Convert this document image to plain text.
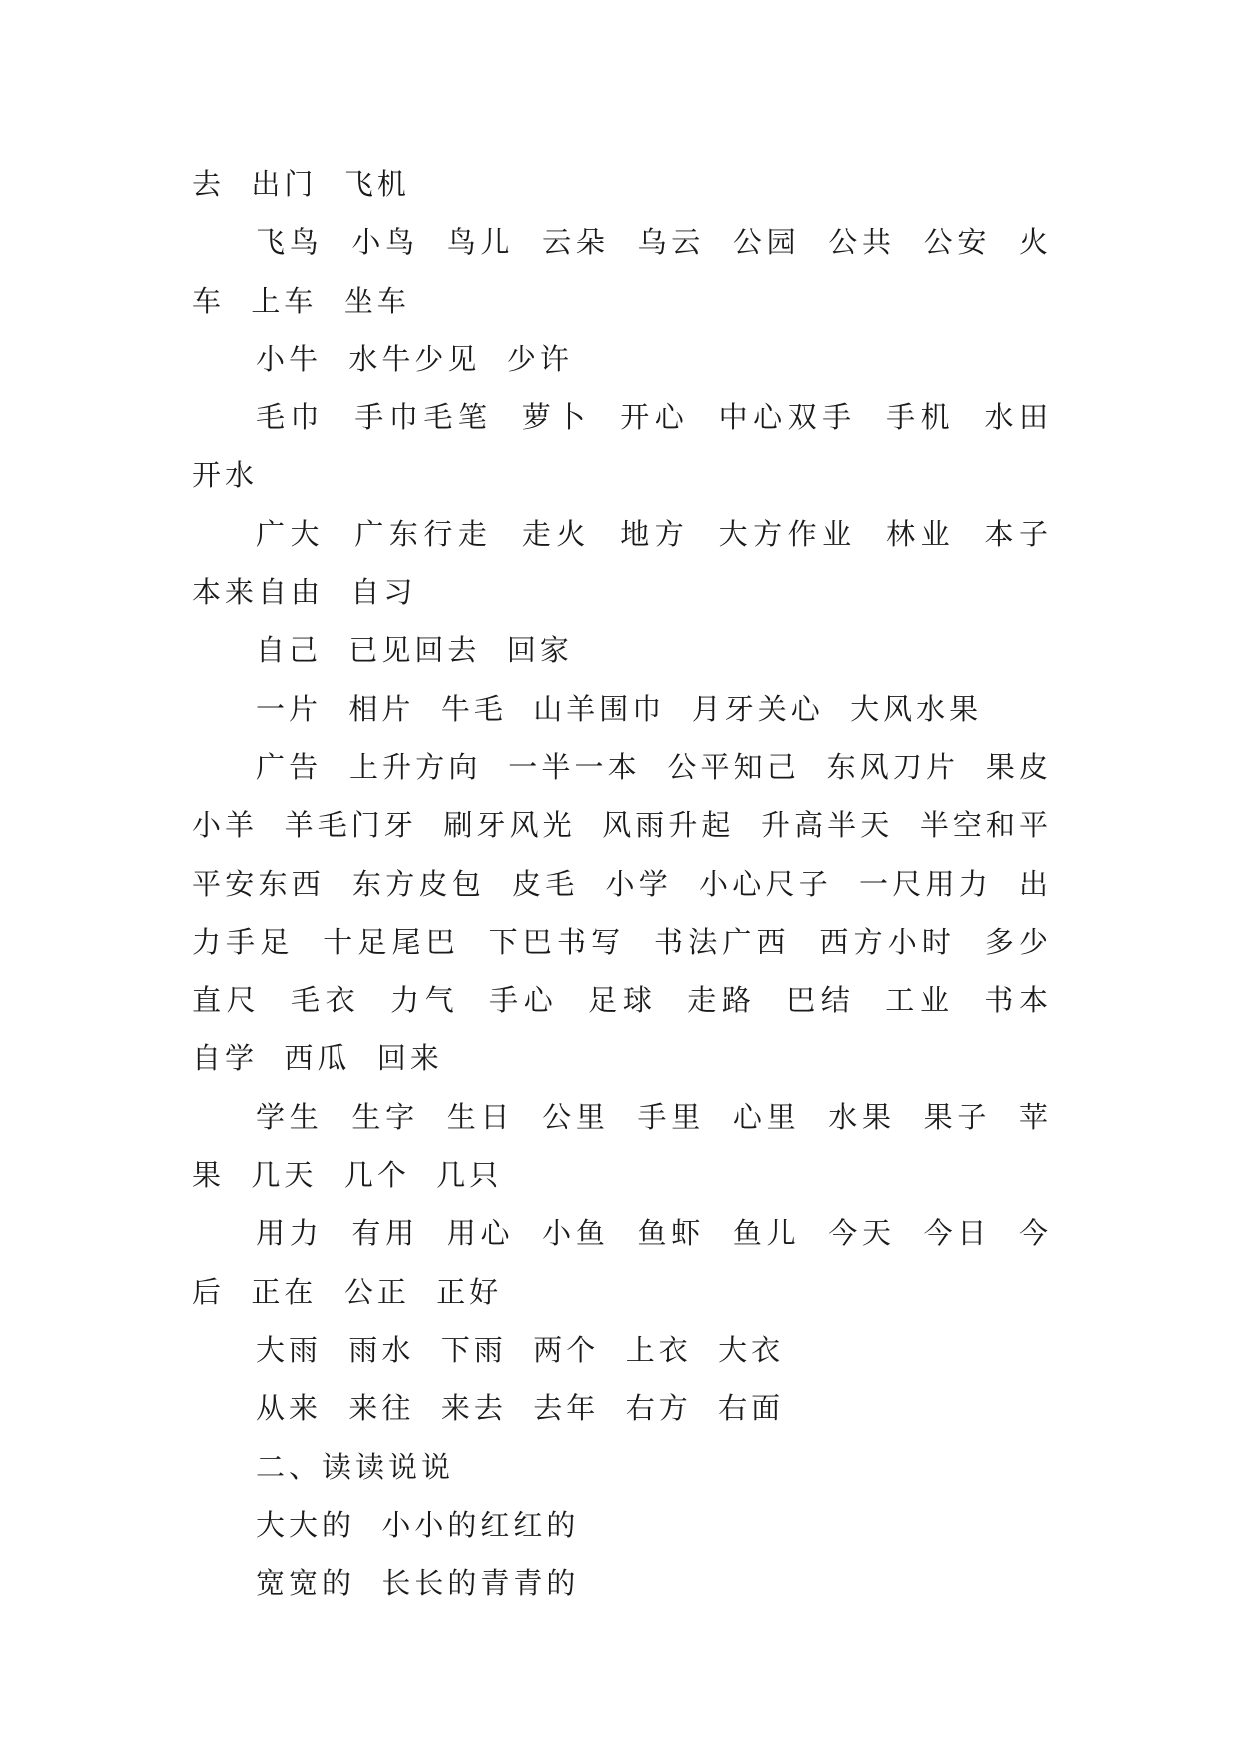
去  出门  飞机

飞鸟  小鸟  鸟儿  云朵  乌云  公园  公共  公安  火车  上车  坐车

小牛  水牛少见  少许

毛巾  手巾毛笔  萝卜  开心  中心双手  手机  水田  开水

广大  广东行走  走火  地方  大方作业  林业  本子  本来自由  自习

自己  已见回去  回家

一片  相片  牛毛  山羊围巾  月牙关心  大风水果

广告  上升方向  一半一本  公平知己  东风刀片  果皮小羊  羊毛门牙  刷牙风光  风雨升起  升高半天  半空和平平安东西  东方皮包  皮毛  小学  小心尺子  一尺用力  出力手足  十足尾巴  下巴书写  书法广西  西方小时  多少  直尺  毛衣  力气  手心  足球  走路  巴结  工业  书本  自学  西瓜  回来

学生  生字  生日  公里  手里  心里  水果  果子  苹果  几天  几个  几只

用力  有用  用心  小鱼  鱼虾  鱼儿  今天  今日  今后  正在  公正  正好

大雨  雨水  下雨  两个  上衣  大衣

从来  来往  来去  去年  右方  右面

二、读读说说

大大的  小小的红红的

宽宽的  长长的青青的
